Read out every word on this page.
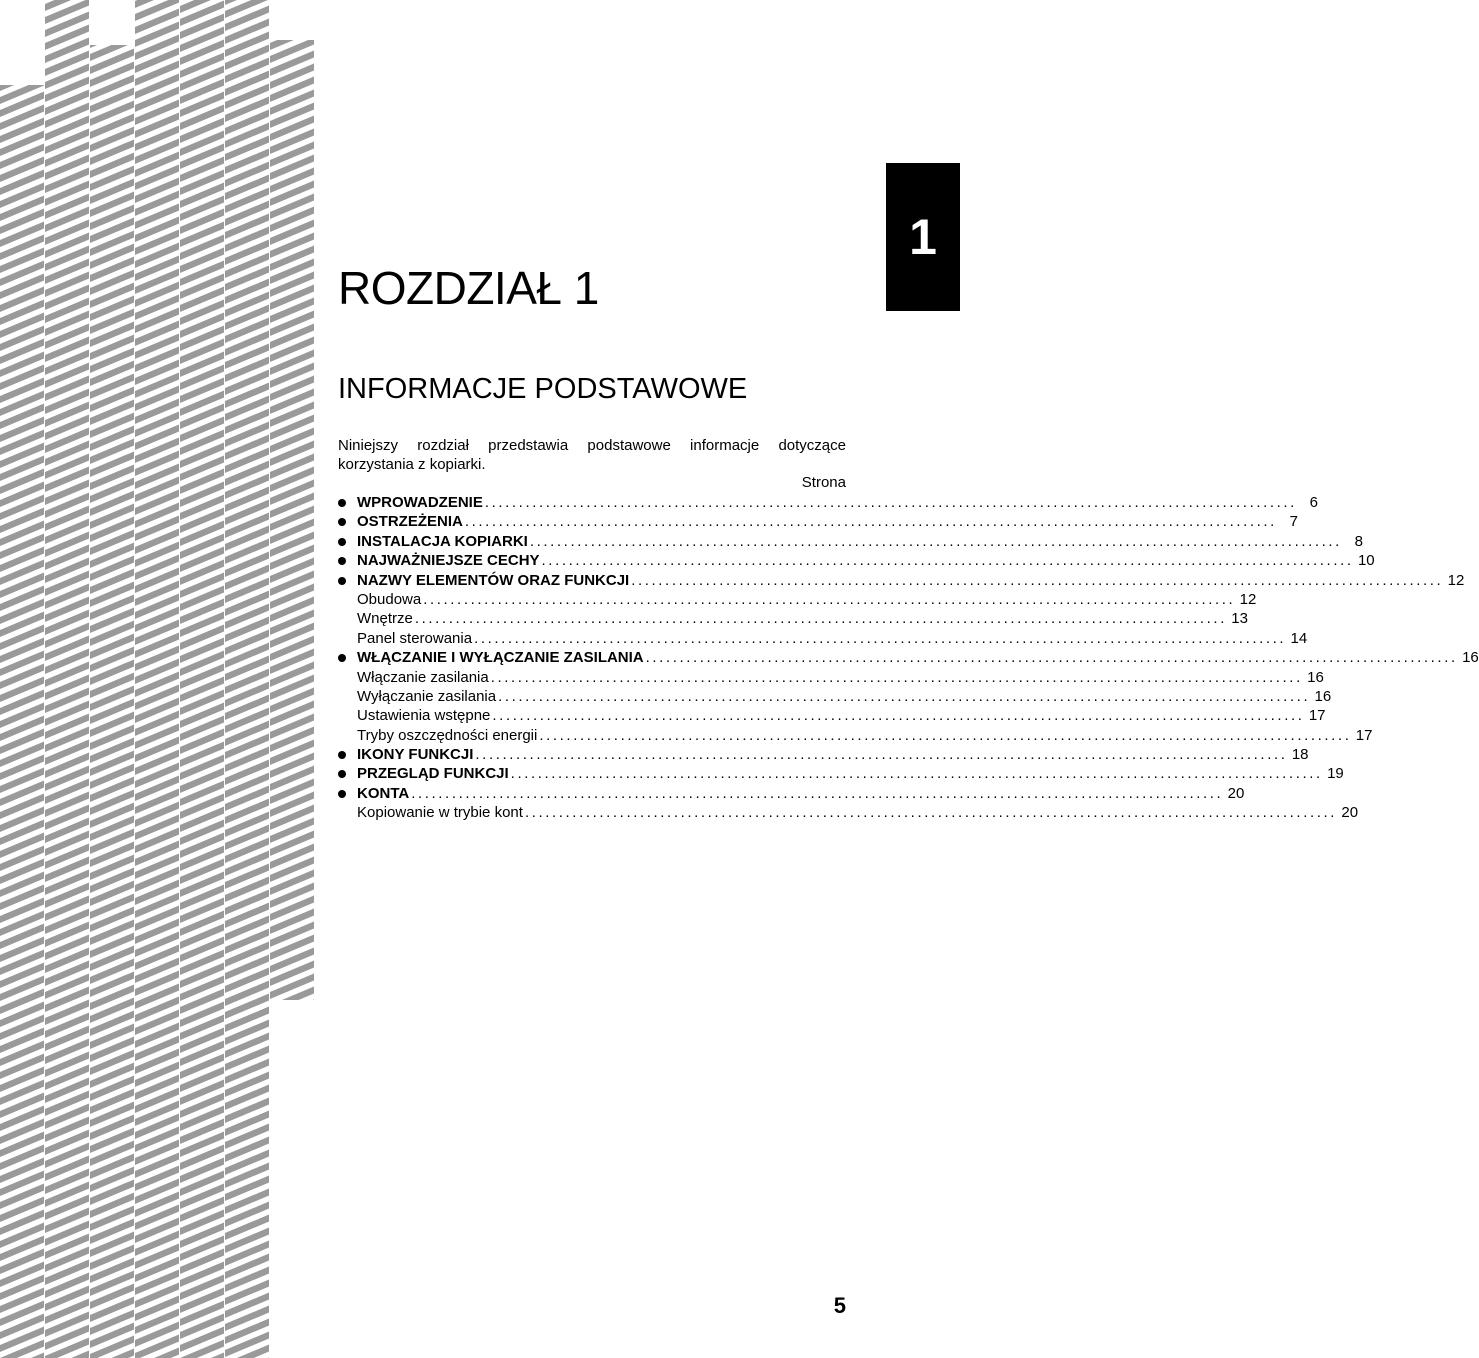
1
ROZDZIAŁ 1
INFORMACJE PODSTAWOWE

Niniejszy rozdział przedstawia podstawowe informacje dotyczące korzystania z kopiarki.

Strona
WPROWADZENIE ........................................................................................................................ 6
OSTRZEŻENIA ........................................................................................................................ 7
INSTALACJA KOPIARKI ........................................................................................................................ 8
NAJWAŻNIEJSZE CECHY ........................................................................................................................ 10
NAZWY ELEMENTÓW ORAZ FUNKCJI ........................................................................................................................ 12
Obudowa ........................................................................................................................ 12
Wnętrze ........................................................................................................................ 13
Panel sterowania ........................................................................................................................ 14
WŁĄCZANIE I WYŁĄCZANIE ZASILANIA ........................................................................................................................ 16
Włączanie zasilania ........................................................................................................................ 16
Wyłączanie zasilania ........................................................................................................................ 16
Ustawienia wstępne ........................................................................................................................ 17
Tryby oszczędności energii ........................................................................................................................ 17
IKONY FUNKCJI ........................................................................................................................ 18
PRZEGLĄD FUNKCJI ........................................................................................................................ 19
KONTA ........................................................................................................................ 20
Kopiowanie w trybie kont ........................................................................................................................ 20
5
